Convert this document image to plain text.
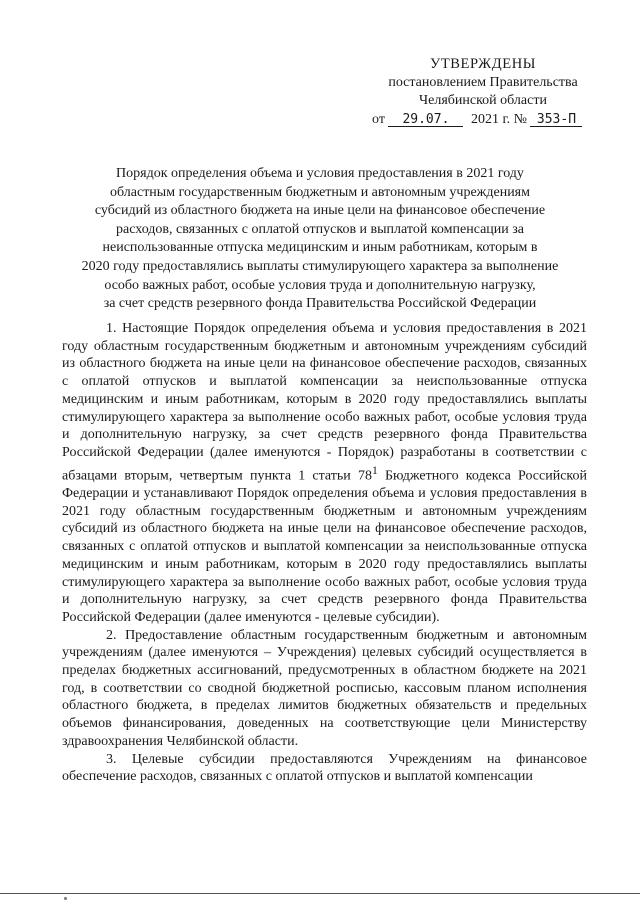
УТВЕРЖДЕНЫ
постановлением Правительства
Челябинской области
от 29.07. 2021 г. № 353-П
Порядок определения объема и условия предоставления в 2021 году
областным государственным бюджетным и автономным учреждениям
субсидий из областного бюджета на иные цели на финансовое обеспечение
расходов, связанных с оплатой отпусков и выплатой компенсации за
неиспользованные отпуска медицинским и иным работникам, которым в
2020 году предоставлялись выплаты стимулирующего характера за выполнение
особо важных работ, особые условия труда и дополнительную нагрузку,
за счет средств резервного фонда Правительства Российской Федерации

1. Настоящие Порядок определения объема и условия предоставления в 2021 году областным государственным бюджетным и автономным учреждениям субсидий из областного бюджета на иные цели на финансовое обеспечение расходов, связанных с оплатой отпусков и выплатой компенсации за неиспользованные отпуска медицинским и иным работникам, которым в 2020 году предоставлялись выплаты стимулирующего характера за выполнение особо важных работ, особые условия труда и дополнительную нагрузку, за счет средств резервного фонда Правительства Российской Федерации (далее именуются - Порядок) разработаны в соответствии с абзацами вторым, четвертым пункта 1 статьи $78^1$ Бюджетного кодекса Российской Федерации и устанавливают Порядок определения объема и условия предоставления в 2021 году областным государственным бюджетным и автономным учреждениям субсидий из областного бюджета на иные цели на финансовое обеспечение расходов, связанных с оплатой отпусков и выплатой компенсации за неиспользованные отпуска медицинским и иным работникам, которым в 2020 году предоставлялись выплаты стимулирующего характера за выполнение особо важных работ, особые условия труда и дополнительную нагрузку, за счет средств резервного фонда Правительства Российской Федерации (далее именуются - целевые субсидии).

2. Предоставление областным государственным бюджетным и автономным учреждениям (далее именуются – Учреждения) целевых субсидий осуществляется в пределах бюджетных ассигнований, предусмотренных в областном бюджете на 2021 год, в соответствии со сводной бюджетной росписью, кассовым планом исполнения областного бюджета, в пределах лимитов бюджетных обязательств и предельных объемов финансирования, доведенных на соответствующие цели Министерству здравоохранения Челябинской области.

3. Целевые субсидии предоставляются Учреждениям на финансовое обеспечение расходов, связанных с оплатой отпусков и выплатой компенсации
